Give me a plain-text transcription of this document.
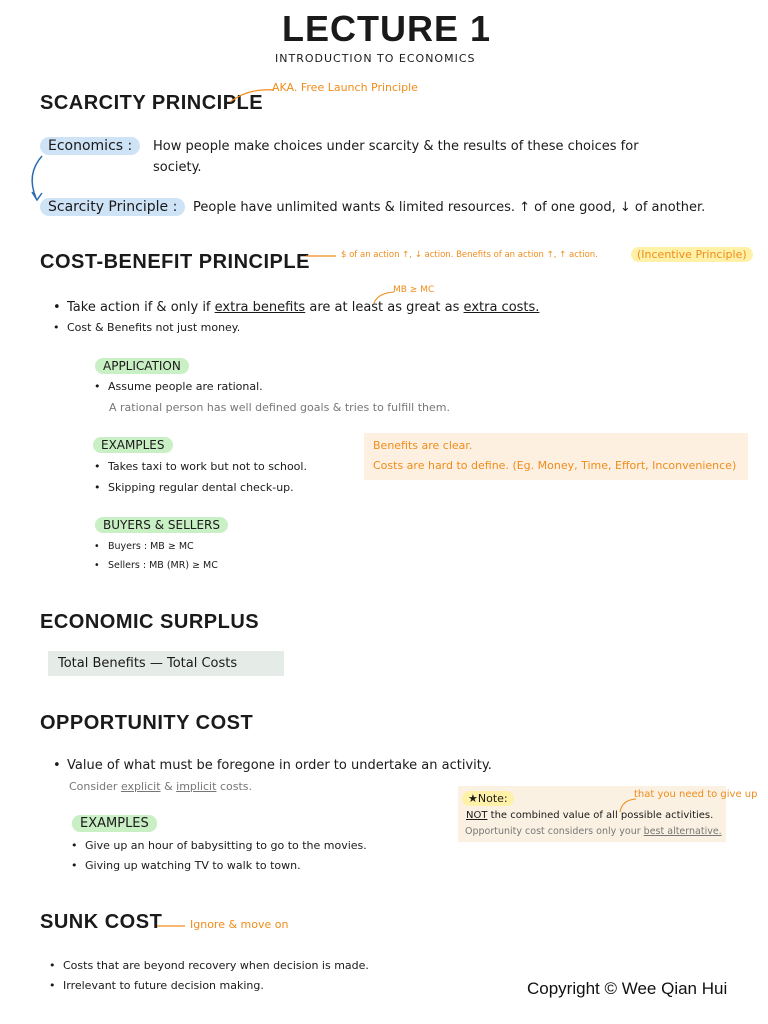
LECTURE 1
INTRODUCTION TO ECONOMICS
SCARCITY PRINCIPLE
AKA. Free Launch Principle
Economics :	How people make choices under scarcity & the results of these choices for
society.
Scarcity Principle :	People have unlimited wants & limited resources. ↑ of one good, ↓ of another.
COST-BENEFIT PRINCIPLE	$ of an action ↑, ↓ action. Benefits of an action ↑, ↑ action.	(Incentive Principle)
MB ≥ MC
Take action if & only if extra benefits are at least as great as extra costs.
Cost & Benefits not just money.
APPLICATION
Assume people are rational.
A rational person has well defined goals & tries to fulfill them.
EXAMPLES
Takes taxi to work but not to school.
Skipping regular dental check-up.
Benefits are clear.
Costs are hard to define. (Eg. Money, Time, Effort, Inconvenience)
BUYERS & SELLERS
Buyers : MB ≥ MC
Sellers : MB (MR) ≥ MC
ECONOMIC SURPLUS
Total Benefits — Total Costs
OPPORTUNITY COST
Value of what must be foregone in order to undertake an activity.
Consider explicit & implicit costs.
EXAMPLES
Give up an hour of babysitting to go to the movies.
Giving up watching TV to walk to town.
★Note:
NOT the combined value of all possible activities.
Opportunity cost considers only your best alternative.
that you need to give up
SUNK COST	Ignore & move on
Costs that are beyond recovery when decision is made.
Irrelevant to future decision making.	Copyright © Wee Qian Hui
